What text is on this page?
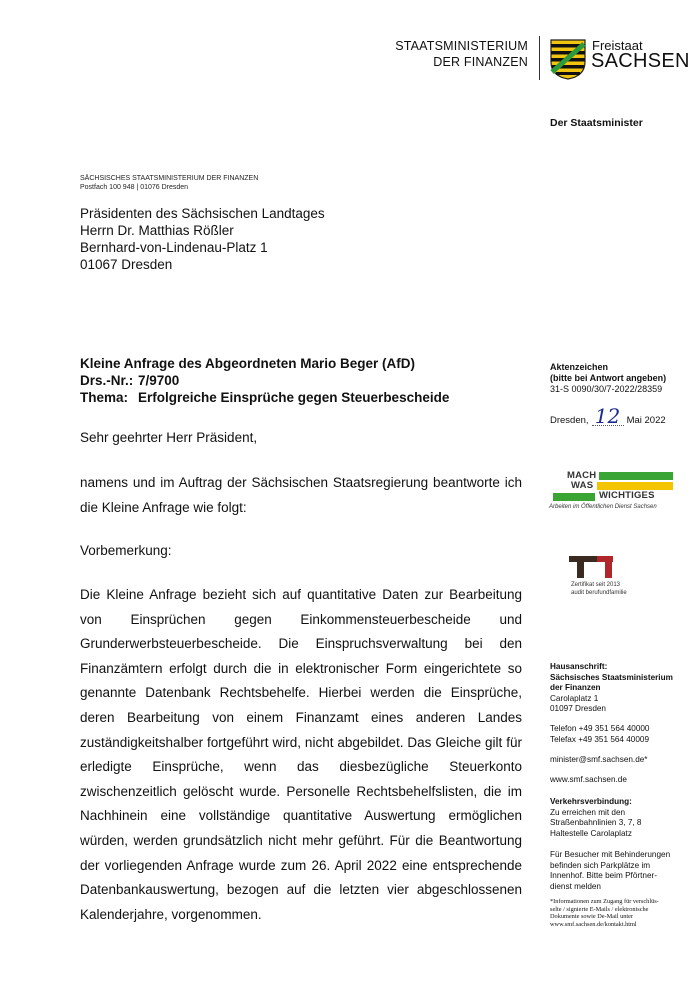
STAATSMINISTERIUM
DER FINANZEN
Freistaat
SACHSEN
Der Staatsminister
SÄCHSISCHES STAATSMINISTERIUM DER FINANZEN
Postfach 100 948 | 01076 Dresden
Präsidenten des Sächsischen Landtages
Herrn Dr. Matthias Rößler
Bernhard-von-Lindenau-Platz 1
01067 Dresden
Kleine Anfrage des Abgeordneten Mario Beger (AfD)
Drs.-Nr.: 7/9700
Thema: Erfolgreiche Einsprüche gegen Steuerbescheide
Sehr geehrter Herr Präsident,
namens und im Auftrag der Sächsischen Staatsregierung beantworte ich die Kleine Anfrage wie folgt:
Vorbemerkung:
Die Kleine Anfrage bezieht sich auf quantitative Daten zur Bearbeitung von Einsprüchen gegen Einkommensteuerbescheide und Grunderwerbsteuerbescheide. Die Einspruchsverwaltung bei den Finanzämtern erfolgt durch die in elektronischer Form eingerichtete so genannte Datenbank Rechtsbehelfe. Hierbei werden die Einsprüche, deren Bearbeitung von einem Finanzamt eines anderen Landes zuständigkeitshalber fortgeführt wird, nicht abgebildet. Das Gleiche gilt für erledigte Einsprüche, wenn das diesbezügliche Steuerkonto zwischenzeitlich gelöscht wurde. Personelle Rechtsbehelfslisten, die im Nachhinein eine vollständige quantitative Auswertung ermöglichen würden, werden grundsätzlich nicht mehr geführt. Für die Beantwortung der vorliegenden Anfrage wurde zum 26. April 2022 eine entsprechende Datenbankauswertung, bezogen auf die letzten vier abgeschlossenen Kalenderjahre, vorgenommen.
Aktenzeichen
(bitte bei Antwort angeben)
31-S 0090/30/7-2022/28359
Dresden, 12 Mai 2022
MACH
WAS
WICHTIGES
Arbeiten im Öffentlichen Dienst Sachsen
Zertifikat seit 2013
audit berufundfamilie
Hausanschrift:
Sächsisches Staatsministerium
der Finanzen
Carolaplatz 1
01097 Dresden
Telefon +49 351 564 40000
Telefax +49 351 564 40009
minister@smf.sachsen.de*
www.smf.sachsen.de
Verkehrsverbindung:
Zu erreichen mit den
Straßenbahnlinien 3, 7, 8
Haltestelle Carolaplatz
Für Besucher mit Behinderungen
befinden sich Parkplätze im
Innenhof. Bitte beim Pförtner-
dienst melden
*Informationen zum Zugang für verschlüs-
selte / signierte E-Mails / elektronische
Dokumente sowie De-Mail unter
www.smf.sachsen.de/kontakt.html
